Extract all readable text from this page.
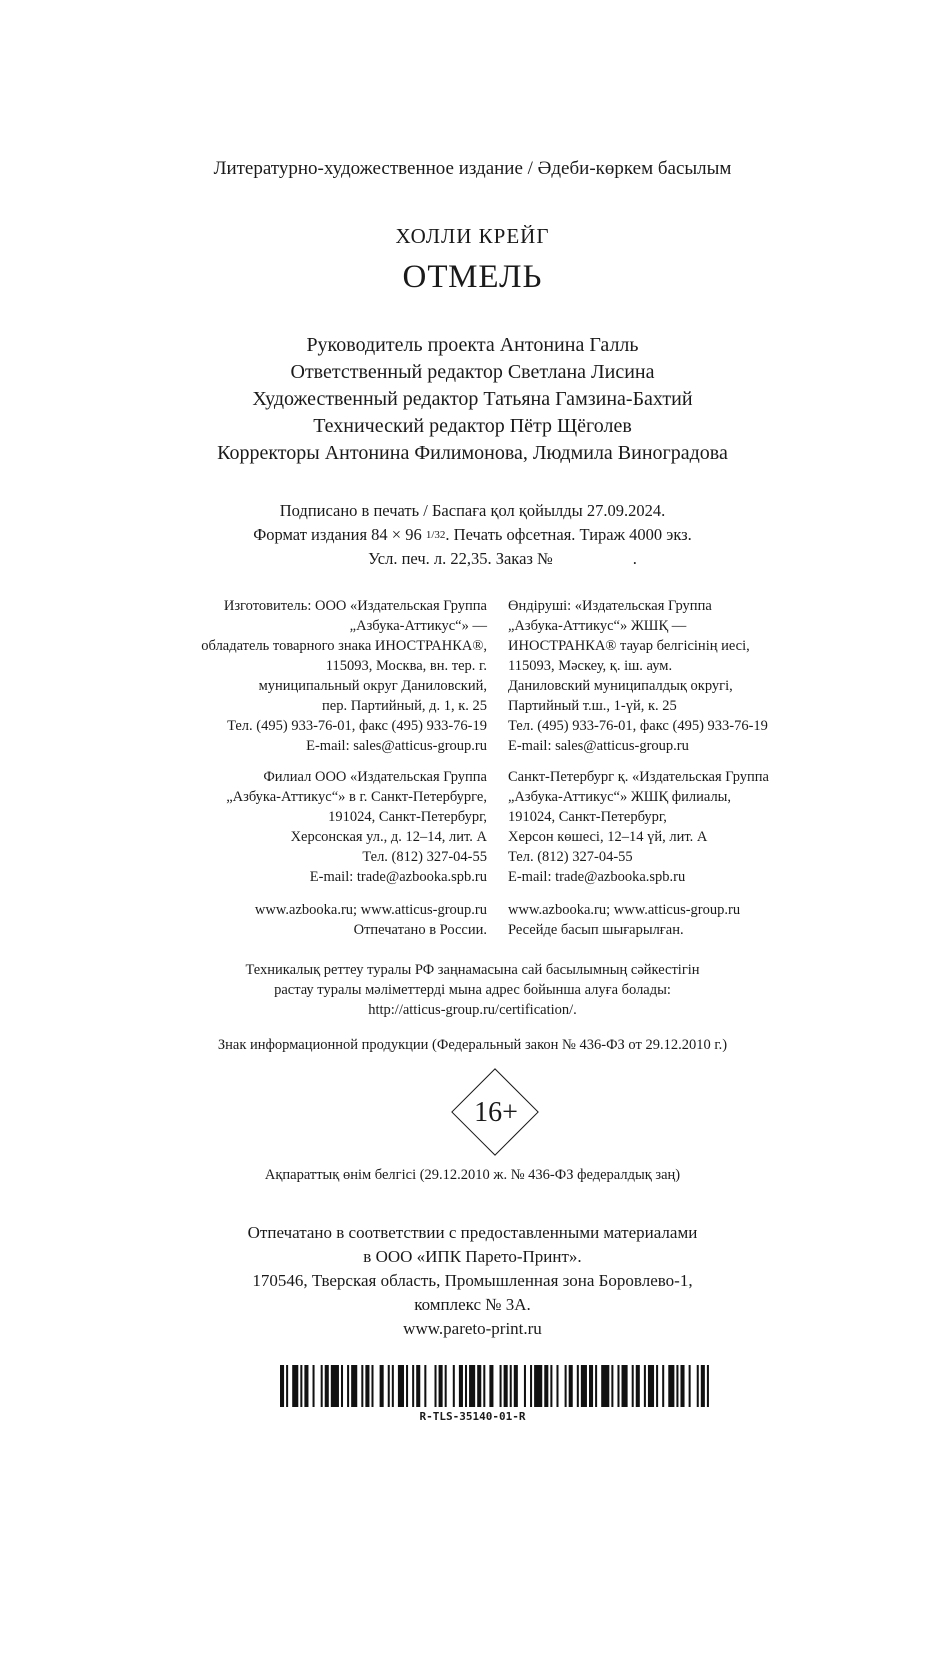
Литературно-художественное издание / Әдеби-көркем басылым
ХОЛЛИ КРЕЙГ
ОТМЕЛЬ
Руководитель проекта Антонина Галль
Ответственный редактор Светлана Лисина
Художественный редактор Татьяна Гамзина-Бахтий
Технический редактор Пётр Щёголев
Корректоры Антонина Филимонова, Людмила Виноградова
Подписано в печать / Баспаға қол қойылды 27.09.2024.
Формат издания 84 × 96 1/32. Печать офсетная. Тираж 4000 экз.
Усл. печ. л. 22,35. Заказ №	.
Изготовитель: ООО «Издательская Группа
„Азбука-Аттикус“» —
обладатель товарного знака ИНОСТРАНКА®,
115093, Москва, вн. тер. г.
муниципальный округ Даниловский,
пер. Партийный, д. 1, к. 25
Тел. (495) 933-76-01, факс (495) 933-76-19
E-mail: sales@atticus-group.ru
Филиал ООО «Издательская Группа
„Азбука-Аттикус“» в г. Санкт-Петербурге,
191024, Санкт-Петербург,
Херсонская ул., д. 12–14, лит. А
Тел. (812) 327-04-55
E-mail: trade@azbooka.spb.ru
www.azbooka.ru; www.atticus-group.ru
Отпечатано в России.
Өндіруші: «Издательская Группа
„Азбука-Аттикус“» ЖШҚ —
ИНОСТРАНКА® тауар белгісінің иесі,
115093, Мәскеу, қ. іш. аум.
Даниловский муниципалдық округі,
Партийный т.ш., 1-үй, к. 25
Тел. (495) 933-76-01, факс (495) 933-76-19
E-mail: sales@atticus-group.ru
Санкт-Петербург қ. «Издательская Группа
„Азбука-Аттикус“» ЖШҚ филиалы,
191024, Санкт-Петербург,
Херсон көшесі, 12–14 үй, лит. А
Тел. (812) 327-04-55
E-mail: trade@azbooka.spb.ru
www.azbooka.ru; www.atticus-group.ru
Ресейде басып шығарылған.
Техникалық реттеу туралы РФ заңнамасына сай басылымның сәйкестігін
растау туралы мәліметтерді мына адрес бойынша алуға болады:
http://atticus-group.ru/certification/.
Знак информационной продукции (Федеральный закон № 436-ФЗ от 29.12.2010 г.)
16+
Ақпараттық өнім белгісі (29.12.2010 ж. № 436-ФЗ федералдық заң)
Отпечатано в соответствии с предоставленными материалами
в ООО «ИПК Парето-Принт».
170546, Тверская область, Промышленная зона Боровлево-1,
комплекс № 3А.
www.pareto-print.ru
R-TLS-35140-01-R
